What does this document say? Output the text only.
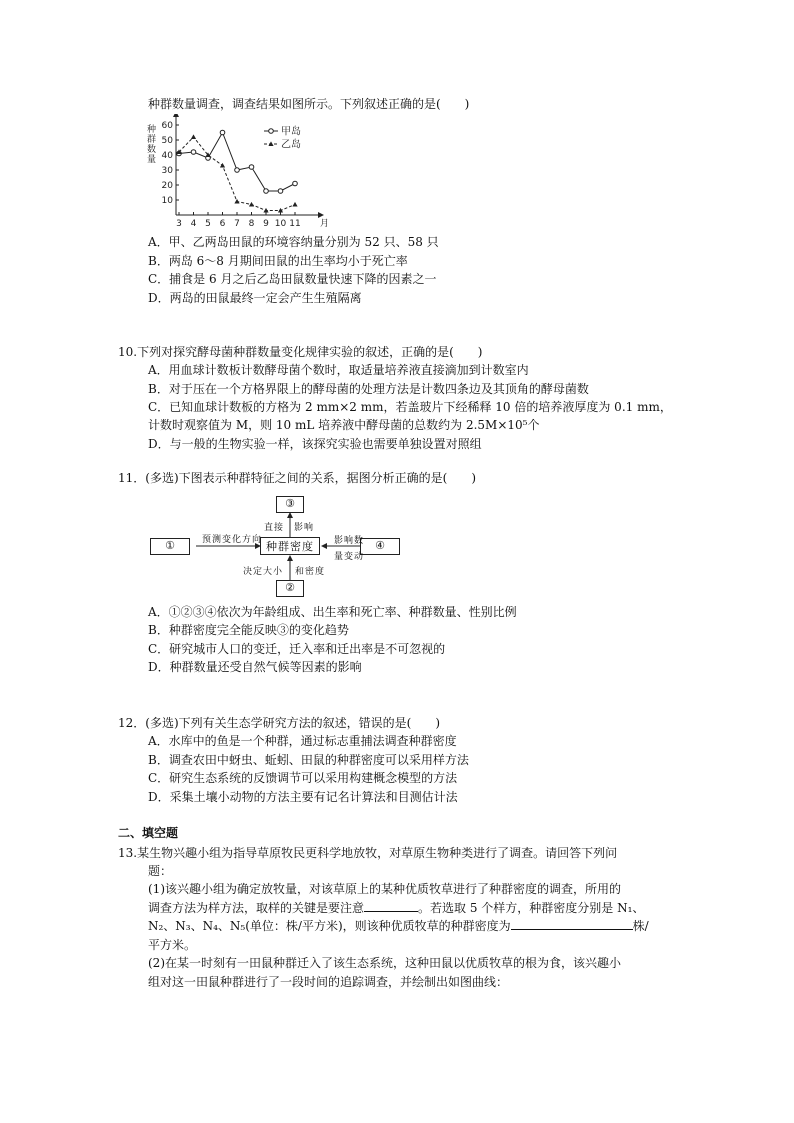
种群数量调查，调查结果如图所示。下列叙述正确的是(　　)
10
20
30
40
50
60
3 4 5 6 7 8 9 10 11 月
种群数量	甲岛
乙岛
A．甲、乙两岛田鼠的环境容纳量分别为 52 只、58 只
B．两岛 6～8 月期间田鼠的出生率均小于死亡率
C．捕食是 6 月之后乙岛田鼠数量快速下降的因素之一
D．两岛的田鼠最终一定会产生生殖隔离
10.下列对探究酵母菌种群数量变化规律实验的叙述，正确的是(　　)
A．用血球计数板计数酵母菌个数时，取适量培养液直接滴加到计数室内
B．对于压在一个方格界限上的酵母菌的处理方法是计数四条边及其顶角的酵母菌数
C．已知血球计数板的方格为 2 mm×2 mm，若盖玻片下经稀释 10 倍的培养液厚度为 0.1 mm，
计数时观察值为 M，则 10 mL 培养液中酵母菌的总数约为 2.5M×10⁵个
D．与一般的生物实验一样，该探究实验也需要单独设置对照组
11．(多选)下图表示种群特征之间的关系，据图分析正确的是(　　)
①
③
种群密度	④
②
预测变化方向
直接 影响
影响数
量变动
决定大小 和密度
A．①②③④依次为年龄组成、出生率和死亡率、种群数量、性别比例
B．种群密度完全能反映③的变化趋势
C．研究城市人口的变迁，迁入率和迁出率是不可忽视的
D．种群数量还受自然气候等因素的影响
12．(多选)下列有关生态学研究方法的叙述，错误的是(　　)
A．水库中的鱼是一个种群，通过标志重捕法调查种群密度
B．调查农田中蚜虫、蚯蚓、田鼠的种群密度可以采用样方法
C．研究生态系统的反馈调节可以采用构建概念模型的方法
D．采集土壤小动物的方法主要有记名计算法和目测估计法
二、填空题
13.某生物兴趣小组为指导草原牧民更科学地放牧，对草原生物种类进行了调查。请回答下列问
题：
(1)该兴趣小组为确定放牧量，对该草原上的某种优质牧草进行了种群密度的调查，所用的
调查方法为样方法，取样的关键是要注意	。若选取 5 个样方，种群密度分别是 N₁、
N₂、N₃、N₄、N₅(单位：株/平方米)，则该种优质牧草的种群密度为	株/
平方米。
(2)在某一时刻有一田鼠种群迁入了该生态系统，这种田鼠以优质牧草的根为食，该兴趣小
组对这一田鼠种群进行了一段时间的追踪调查，并绘制出如图曲线：
